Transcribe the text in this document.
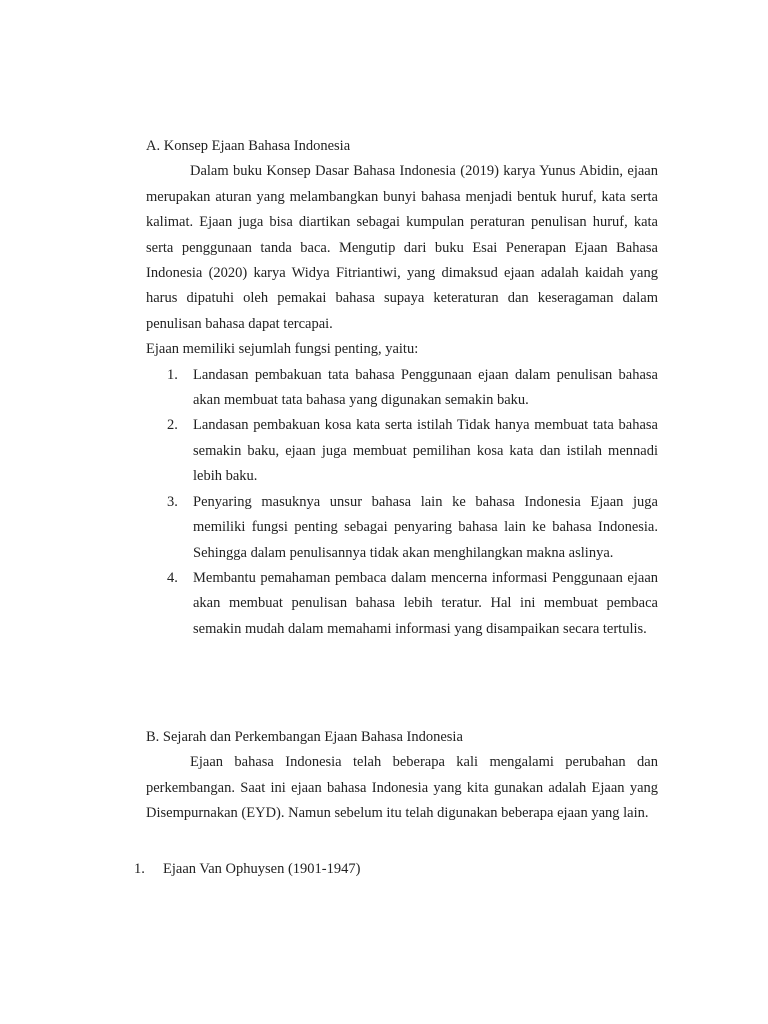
A. Konsep Ejaan Bahasa Indonesia

Dalam buku Konsep Dasar Bahasa Indonesia (2019) karya Yunus Abidin, ejaan merupakan aturan yang melambangkan bunyi bahasa menjadi bentuk huruf, kata serta kalimat. Ejaan juga bisa diartikan sebagai kumpulan peraturan penulisan huruf, kata serta penggunaan tanda baca. Mengutip dari buku Esai Penerapan Ejaan Bahasa Indonesia (2020) karya Widya Fitriantiwi, yang dimaksud ejaan adalah kaidah yang harus dipatuhi oleh pemakai bahasa supaya keteraturan dan keseragaman dalam penulisan bahasa dapat tercapai.

Ejaan memiliki sejumlah fungsi penting, yaitu:

1. Landasan pembakuan tata bahasa Penggunaan ejaan dalam penulisan bahasa akan membuat tata bahasa yang digunakan semakin baku.
2. Landasan pembakuan kosa kata serta istilah Tidak hanya membuat tata bahasa semakin baku, ejaan juga membuat pemilihan kosa kata dan istilah mennadi lebih baku.
3. Penyaring masuknya unsur bahasa lain ke bahasa Indonesia Ejaan juga memiliki fungsi penting sebagai penyaring bahasa lain ke bahasa Indonesia. Sehingga dalam penulisannya tidak akan menghilangkan makna aslinya.
4. Membantu pemahaman pembaca dalam mencerna informasi Penggunaan ejaan akan membuat penulisan bahasa lebih teratur. Hal ini membuat pembaca semakin mudah dalam memahami informasi yang disampaikan secara tertulis.

B. Sejarah dan Perkembangan Ejaan Bahasa Indonesia

Ejaan bahasa Indonesia telah beberapa kali mengalami perubahan dan perkembangan. Saat ini ejaan bahasa Indonesia yang kita gunakan adalah Ejaan yang Disempurnakan (EYD). Namun sebelum itu telah digunakan beberapa ejaan yang lain.

1. Ejaan Van Ophuysen (1901-1947)
